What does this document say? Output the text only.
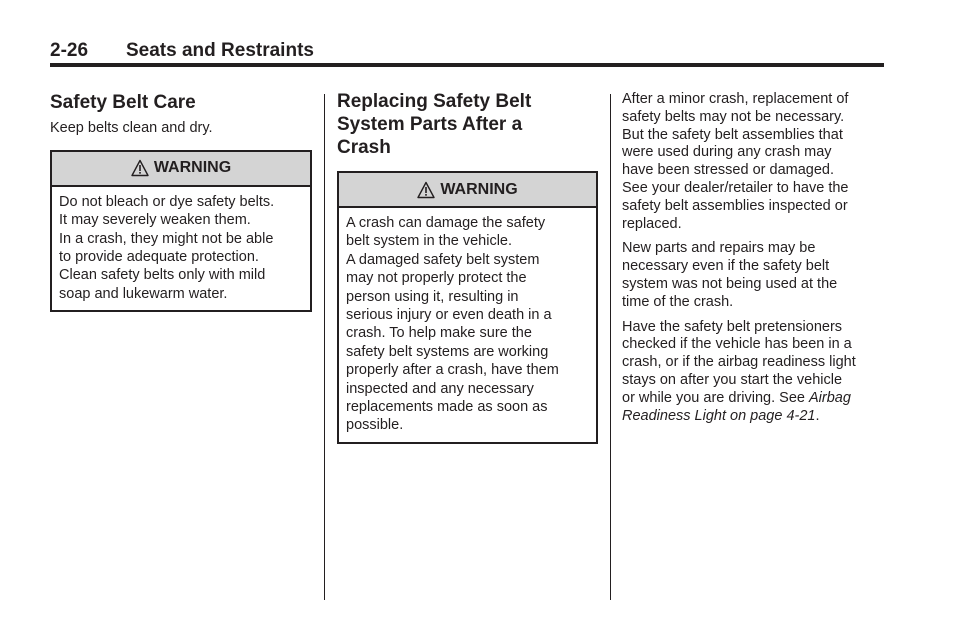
2-26 Seats and Restraints
Safety Belt Care

Keep belts clean and dry.

WARNING

Do not bleach or dye safety belts.

It may severely weaken them.

In a crash, they might not be able

to provide adequate protection.

Clean safety belts only with mild

soap and lukewarm water.

Replacing Safety Belt
System Parts After a
Crash
WARNING

A crash can damage the safety

belt system in the vehicle.

A damaged safety belt system

may not properly protect the

person using it, resulting in

serious injury or even death in a

crash. To help make sure the

safety belt systems are working

properly after a crash, have them

inspected and any necessary

replacements made as soon as

possible.

After a minor crash, replacement of
safety belts may not be necessary.
But the safety belt assemblies that
were used during any crash may
have been stressed or damaged.
See your dealer/retailer to have the
safety belt assemblies inspected or
replaced.

New parts and repairs may be
necessary even if the safety belt
system was not being used at the
time of the crash.

Have the safety belt pretensioners
checked if the vehicle has been in a
crash, or if the airbag readiness light
stays on after you start the vehicle
or while you are driving. See Airbag
Readiness Light on page 4-21.
